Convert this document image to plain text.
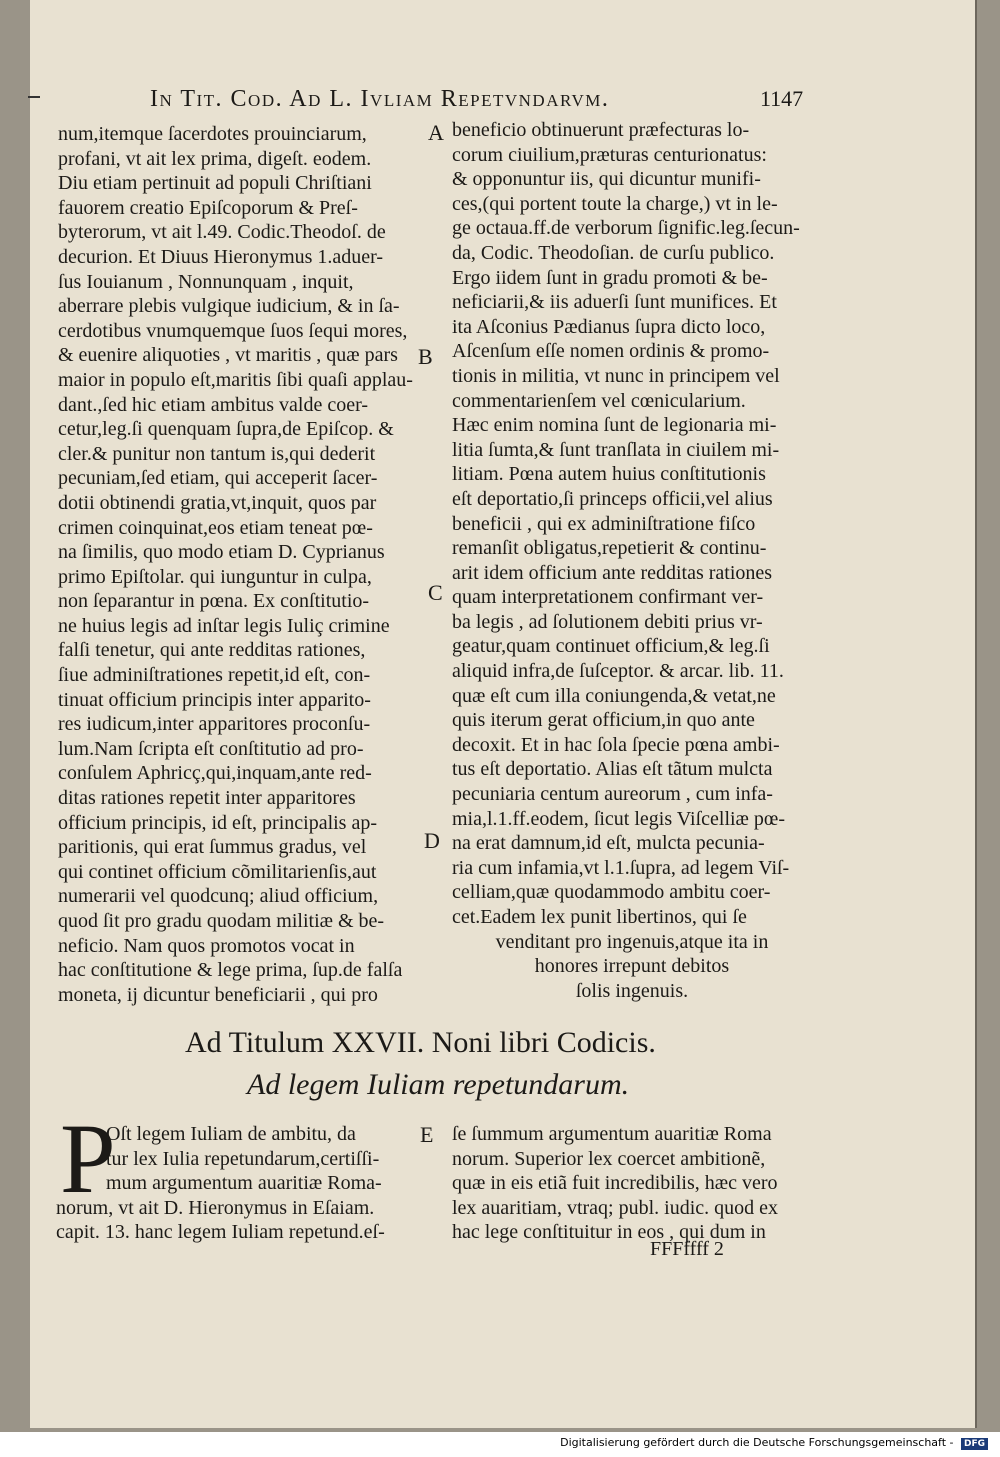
In Tit. Cod. Ad L. Ivliam Repetvndarvm.	1147
num,itemque ſacerdotes prouinciarum,
profani, vt ait lex prima, digeſt. eodem.
Diu etiam pertinuit ad populi Chriſtiani
fauorem creatio Epiſcoporum & Preſ-
byterorum, vt ait l.49. Codic.Theodoſ. de
decurion. Et Diuus Hieronymus 1.aduer-
ſus Iouianum , Nonnunquam , inquit,
aberrare plebis vulgique iudicium, & in ſa-
cerdotibus vnumquemque ſuos ſequi mores,
& euenire aliquoties , vt maritis , quæ pars
maior in populo eſt,maritis ſibi quaſi applau-
dant.,ſed hic etiam ambitus valde coer-
cetur,leg.ſi quenquam ſupra,de Epiſcop. &
cler.& punitur non tantum is,qui dederit
pecuniam,ſed etiam, qui acceperit ſacer-
dotii obtinendi gratia,vt,inquit, quos par
crimen coinquinat,eos etiam teneat pœ-
na ſimilis, quo modo etiam D. Cyprianus
primo Epiſtolar. qui iunguntur in culpa,
non ſeparantur in pœna. Ex conſtitutio-
ne huius legis ad inſtar legis Iuliç crimine
falſi tenetur, qui ante redditas rationes,
ſiue adminiſtrationes repetit,id eſt, con-
tinuat officium principis inter apparito-
res iudicum,inter apparitores proconſu-
lum.Nam ſcripta eſt conſtitutio ad pro-
conſulem Aphricç,qui,inquam,ante red-
ditas rationes repetit inter apparitores
officium principis, id eſt, principalis ap-
paritionis, qui erat ſummus gradus, vel
qui continet officium cõmilitarienſis,aut
numerarii vel quodcunq; aliud officium,
quod ſit pro gradu quodam militiæ & be-
neficio. Nam quos promotos vocat in
hac conſtitutione & lege prima, ſup.de falſa
moneta, ij dicuntur beneficiarii , qui pro
beneficio obtinuerunt præfecturas lo-
corum ciuilium,præturas centurionatus:
& opponuntur iis, qui dicuntur munifi-
ces,(qui portent toute la charge,) vt in le-
ge octaua.ff.de verborum ſignific.leg.ſecun-
da, Codic. Theodoſian. de curſu publico.
Ergo iidem ſunt in gradu promoti & be-
neficiarii,& iis aduerſi ſunt munifices. Et
ita Aſconius Pædianus ſupra dicto loco,
Aſcenſum eſſe nomen ordinis & promo-
tionis in militia, vt nunc in principem vel
commentarienſem vel cœnicularium.
Hæc enim nomina ſunt de legionaria mi-
litia ſumta,& ſunt tranſlata in ciuilem mi-
litiam. Pœna autem huius conſtitutionis
eſt deportatio,ſi princeps officii,vel alius
beneficii , qui ex adminiſtratione fiſco
remanſit obligatus,repetierit & continu-
arit idem officium ante redditas rationes
quam interpretationem confirmant ver-
ba legis , ad ſolutionem debiti prius vr-
geatur,quam continuet officium,& leg.ſi
aliquid infra,de ſuſceptor. & arcar. lib. 11.
quæ eſt cum illa coniungenda,& vetat,ne
quis iterum gerat officium,in quo ante
decoxit. Et in hac ſola ſpecie pœna ambi-
tus eſt deportatio. Alias eſt tãtum mulcta
pecuniaria centum aureorum , cum infa-
mia,l.1.ff.eodem, ſicut legis Viſcelliæ pœ-
na erat damnum,id eſt, mulcta pecunia-
ria cum infamia,vt l.1.ſupra, ad legem Viſ-
celliam,quæ quodammodo ambitu coer-
cet.Eadem lex punit libertinos, qui ſe
venditant pro ingenuis,atque ita in
honores irrepunt debitos
ſolis ingenuis.
A
B
C
D
E
Ad Titulum XXVII. Noni libri Codicis.
Ad legem Iuliam repetundarum.
P
Oſt legem Iuliam de ambitu, da
tur lex Iulia repetundarum,certiſſi-
mum argumentum auaritiæ Roma-
norum, vt ait D. Hieronymus in Eſaiam.
capit. 13. hanc legem Iuliam repetund.eſ-
ſe ſummum argumentum auaritiæ Roma
norum. Superior lex coercet ambitionẽ,
quæ in eis etiã fuit incredibilis, hæc vero
lex auaritiam, vtraq; publ. iudic. quod ex
hac lege conſtituitur in eos , qui dum in
FFFffff 2
Digitalisierung gefördert durch die Deutsche Forschungsgemeinschaft - DFG
